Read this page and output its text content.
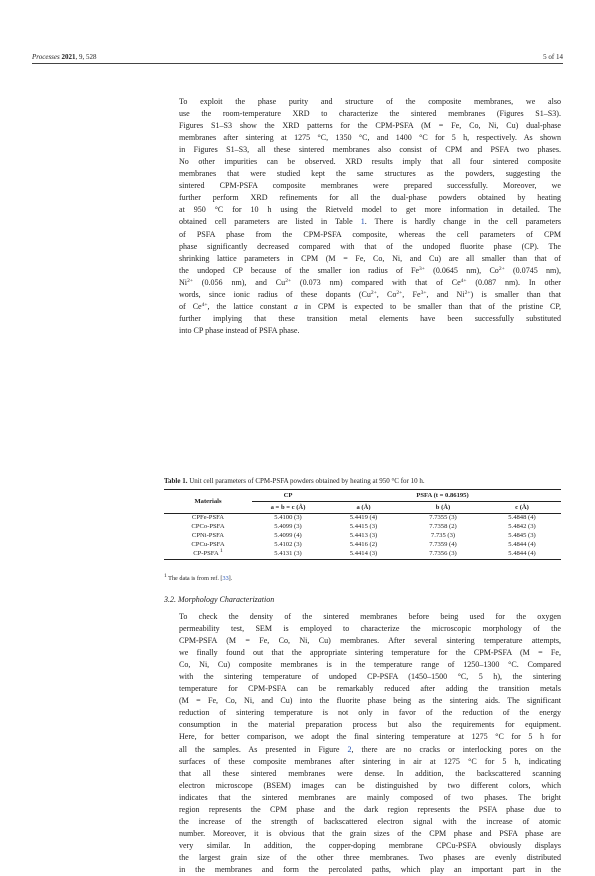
Processes 2021, 9, 528	5 of 14

To exploit the phase purity and structure of the composite membranes, we also
use the room-temperature XRD to characterize the sintered membranes (Figures S1–S3).
Figures S1–S3 show the XRD patterns for the CPM-PSFA (M = Fe, Co, Ni, Cu) dual-phase
membranes after sintering at 1275 °C, 1350 °C, and 1400 °C for 5 h, respectively. As shown
in Figures S1–S3, all these sintered membranes also consist of CPM and PSFA two phases.
No other impurities can be observed. XRD results imply that all four sintered composite
membranes that were studied kept the same structures as the powders, suggesting the
sintered CPM-PSFA composite membranes were prepared successfully. Moreover, we
further perform XRD refinements for all the dual-phase powders obtained by heating
at 950 °C for 10 h using the Rietveld model to get more information in detailed. The
obtained cell parameters are listed in Table 1. There is hardly change in the cell parameters
of PSFA phase from the CPM-PSFA composite, whereas the cell parameters of CPM
phase significantly decreased compared with that of the undoped fluorite phase (CP). The
shrinking lattice parameters in CPM (M = Fe, Co, Ni, and Cu) are all smaller than that of
the undoped CP because of the smaller ion radius of $Fe^{3+}$ (0.0645 nm), $Co^{2+}$ (0.0745 nm),
$Ni^{2+}$ (0.056 nm), and $Cu^{2+}$ (0.073 nm) compared with that of $Ce^{4+}$ (0.087 nm). In other
words, since ionic radius of these dopants ($Cu^{2+}$, $Co^{2+}$, $Fe^{3+}$, and $Ni^{2+}$) is smaller than that
of $Ce^{4+}$, the lattice constant a in CPM is expected to be smaller than that of the pristine CP,
further implying that these transition metal elements have been successfully substituted
into CP phase instead of PSFA phase.

Table 1. Unit cell parameters of CPM-PSFA powders obtained by heating at 950 °C for 10 h.
Materials	CP	PSFA (t = 0.86195)		
	a = b = c (Å)	a (Å)	b (Å)	c (Å)
CPFe-PSFA	5.4100 (3)	5.4419 (4)	7.7355 (3)	5.4848 (4)
CPCo-PSFA	5.4099 (3)	5.4415 (3)	7.7358 (2)	5.4842 (3)
CPNi-PSFA	5.4099 (4)	5.4413 (3)	7.735 (3)	5.4845 (3)
CPCu-PSFA	5.4102 (3)	5.4416 (2)	7.7359 (4)	5.4844 (4)
CP-PSFA $^1$	5.4131 (3)	5.4414 (3)	7.7356 (3)	5.4844 (4)
$^1$ The data is from ref. [33].
3.2. Morphology Characterization

To check the density of the sintered membranes before being used for the oxygen
permeability test, SEM is employed to characterize the microscopic morphology of the
CPM-PSFA (M = Fe, Co, Ni, Cu) membranes. After several sintering temperature attempts,
we finally found out that the appropriate sintering temperature for the CPM-PSFA (M = Fe,
Co, Ni, Cu) composite membranes is in the temperature range of 1250–1300 °C. Compared
with the sintering temperature of undoped CP-PSFA (1450–1500 °C, 5 h), the sintering
temperature for CPM-PSFA can be remarkably reduced after adding the transition metals
(M = Fe, Co, Ni, and Cu) into the fluorite phase being as the sintering aids. The significant
reduction of sintering temperature is not only in favor of the reduction of the energy
consumption in the material preparation process but also the requirements for equipment.
Here, for better comparison, we adopt the final sintering temperature at 1275 °C for 5 h for
all the samples. As presented in Figure 2, there are no cracks or interlocking pores on the
surfaces of these composite membranes after sintering in air at 1275 °C for 5 h, indicating
that all these sintered membranes were dense. In addition, the backscattered scanning
electron microscope (BSEM) images can be distinguished by two different colors, which
indicates that the sintered membranes are mainly composed of two phases. The bright
region represents the CPM phase and the dark region represents the PSFA phase due to
the increase of the strength of backscattered electron signal with the increase of atomic
number. Moreover, it is obvious that the grain sizes of the CPM phase and PSFA phase are
very similar. In addition, the copper-doping membrane CPCu-PSFA obviously displays
the largest grain size of the other three membranes. Two phases are evenly distributed
in the membranes and form the percolated paths, which play an important part in the
